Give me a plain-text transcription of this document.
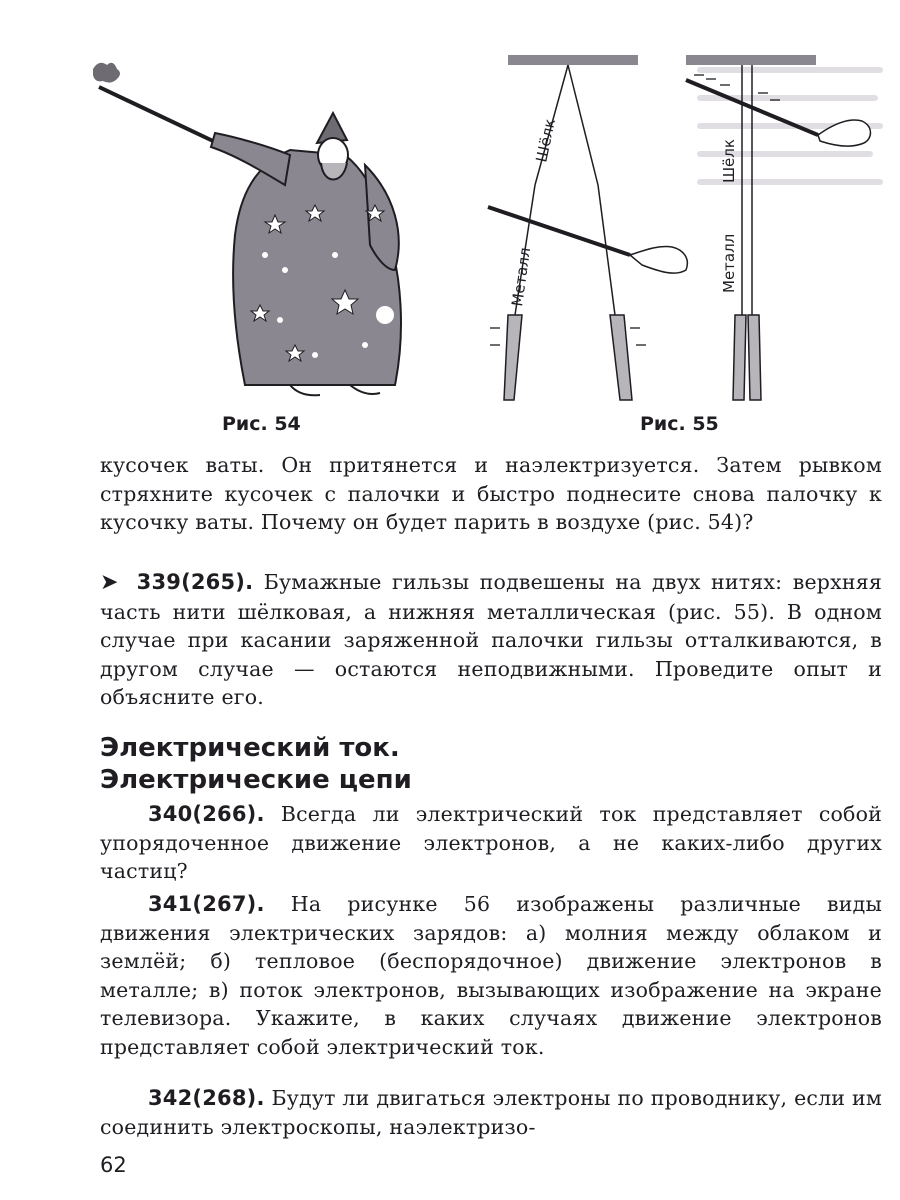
Рис. 54
Шёлк
Металл
Шёлк
Металл
Рис. 55

кусочек ваты. Он притянется и наэлектризуется. Затем рывком стряхните кусочек с палочки и быстро поднесите снова палочку к кусочку ваты. Почему он будет парить в воздухе (рис. 54)?

➤ 339(265). Бумажные гильзы подвешены на двух нитях: верхняя часть нити шёлковая, а нижняя металлическая (рис. 55). В одном случае при касании заряженной палочки гильзы отталкиваются, в другом случае — остаются неподвижными. Проведите опыт и объясните его.

Электрический ток.
Электрические цепи

340(266). Всегда ли электрический ток представляет собой упорядоченное движение электронов, а не каких-либо других частиц?

341(267). На рисунке 56 изображены различные виды движения электрических зарядов: а) молния между облаком и землёй; б) тепловое (беспорядочное) движение электронов в металле; в) поток электронов, вызывающих изображение на экране телевизора. Укажите, в каких случаях движение электронов представляет собой электрический ток.

342(268). Будут ли двигаться электроны по проводнику, если им соединить электроскопы, наэлектризо-

62
